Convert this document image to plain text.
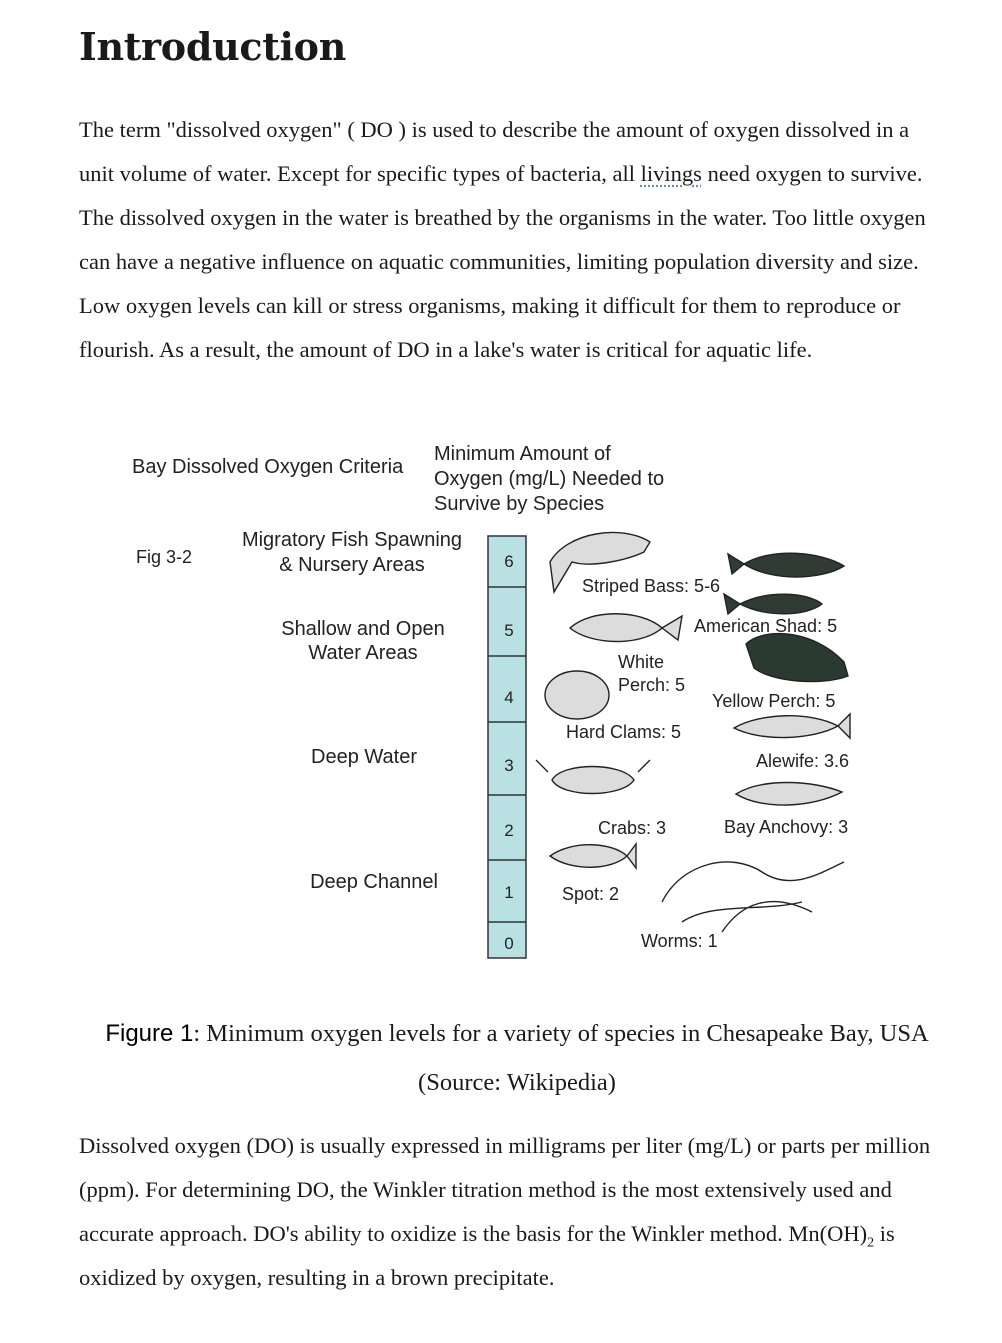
Introduction

The term "dissolved oxygen" ( DO ) is used to describe the amount of oxygen dissolved in a unit volume of water. Except for specific types of bacteria, all livings need oxygen to survive. The dissolved oxygen in the water is breathed by the organisms in the water. Too little oxygen can have a negative influence on aquatic communities, limiting population diversity and size. Low oxygen levels can kill or stress organisms, making it difficult for them to reproduce or flourish. As a result, the amount of DO in a lake's water is critical for aquatic life.

Figure 1: Minimum oxygen levels for a variety of species in Chesapeake Bay, USA (Source: Wikipedia)

Dissolved oxygen (DO) is usually expressed in milligrams per liter (mg/L) or parts per million (ppm). For determining DO, the Winkler titration method is the most extensively used and accurate approach. DO's ability to oxidize is the basis for the Winkler method. $Mn(OH)_2$ is oxidized by oxygen, resulting in a brown precipitate.

Bay Dissolved Oxygen Criteria
Minimum Amount of
Oxygen (mg/L) Needed to
Survive by Species
Fig 3-2
Migratory Fish Spawning
& Nursery Areas
Shallow and Open
Water Areas
Deep Water
Deep Channel
6
5
4
3
2
1
0
Striped Bass: 5-6
American Shad: 5
White
Perch: 5
Yellow Perch: 5
Hard Clams: 5
Alewife: 3.6
Crabs: 3	Bay Anchovy: 3
Spot: 2
Worms: 1
